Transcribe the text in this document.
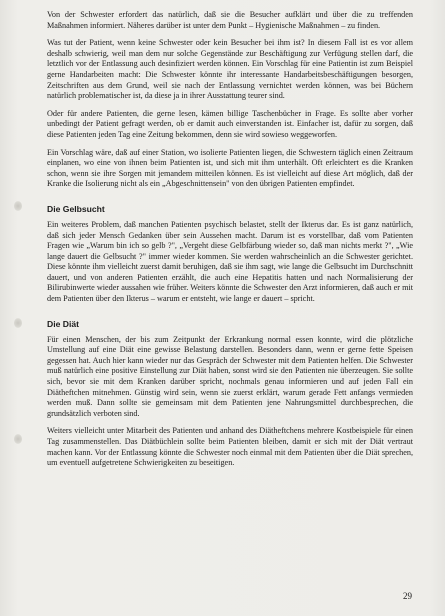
Von der Schwester erfordert das natürlich, daß sie die Besucher aufklärt und über die zu treffenden Maßnahmen informiert. Näheres darüber ist unter dem Punkt – Hygienische Maßnahmen – zu finden.

Was tut der Patient, wenn keine Schwester oder kein Besucher bei ihm ist? In diesem Fall ist es vor allem deshalb schwierig, weil man dem nur solche Gegenstände zur Beschäftigung zur Verfügung stellen darf, die letztlich vor der Entlassung auch desinfiziert werden können. Ein Vorschlag für eine Patientin ist zum Beispiel gerne Handarbeiten macht: Die Schwester könnte ihr interessante Handarbeitsbeschäftigungen besorgen, Zeitschriften aus dem Grund, weil sie nach der Entlassung vernichtet werden können, was bei Büchern natürlich problematischer ist, da diese ja in ihrer Ausstattung teurer sind.

Oder für andere Patienten, die gerne lesen, kämen billige Taschenbücher in Frage. Es sollte aber vorher unbedingt der Patient gefragt werden, ob er damit auch einverstanden ist. Einfacher ist, dafür zu sorgen, daß diese Patienten jeden Tag eine Zeitung bekommen, denn sie wird sowieso weggeworfen.

Ein Vorschlag wäre, daß auf einer Station, wo isolierte Patienten liegen, die Schwestern täglich einen Zeitraum einplanen, wo eine von ihnen beim Patienten ist, und sich mit ihm unterhält. Oft erleichtert es die Kranken schon, wenn sie ihre Sorgen mit jemandem mitteilen können. Es ist vielleicht auf diese Art möglich, daß der Kranke die Isolierung nicht als ein „Abgeschnittensein" von den übrigen Patienten empfindet.

Die Gelbsucht

Ein weiteres Problem, daß manchen Patienten psychisch belastet, stellt der Ikterus dar. Es ist ganz natürlich, daß sich jeder Mensch Gedanken über sein Aussehen macht. Darum ist es vorstellbar, daß vom Patienten Fragen wie „Warum bin ich so gelb ?", „Vergeht diese Gelbfärbung wieder so, daß man nichts merkt ?", „Wie lange dauert die Gelbsucht ?" immer wieder kommen. Sie werden wahrscheinlich an die Schwester gerichtet. Diese könnte ihm vielleicht zuerst damit beruhigen, daß sie ihm sagt, wie lange die Gelbsucht im Durchschnitt dauert, und von anderen Patienten erzählt, die auch eine Hepatitis hatten und nach Normalisierung der Bilirubinwerte wieder aussahen wie früher. Weiters könnte die Schwester den Arzt informieren, daß auch er mit dem Patienten über den Ikterus – warum er entsteht, wie lange er dauert – spricht.

Die Diät

Für einen Menschen, der bis zum Zeitpunkt der Erkrankung normal essen konnte, wird die plötzliche Umstellung auf eine Diät eine gewisse Belastung darstellen. Besonders dann, wenn er gerne fette Speisen gegessen hat. Auch hier kann wieder nur das Gespräch der Schwester mit dem Patienten helfen. Die Schwester muß natürlich eine positive Einstellung zur Diät haben, sonst wird sie den Patienten nie überzeugen. Sie sollte sich, bevor sie mit dem Kranken darüber spricht, nochmals genau informieren und auf jeden Fall ein Diätheftchen mitnehmen. Günstig wird sein, wenn sie zuerst erklärt, warum gerade Fett anfangs vermieden werden muß. Dann sollte sie gemeinsam mit dem Patienten jene Nahrungsmittel durchbesprechen, die grundsätzlich verboten sind.

Weiters vielleicht unter Mitarbeit des Patienten und anhand des Diätheftchens mehrere Kostbeispiele für einen Tag zusammenstellen. Das Diätbüchlein sollte beim Patienten bleiben, damit er sich mit der Diät vertraut machen kann. Vor der Entlassung könnte die Schwester noch einmal mit dem Patienten über die Diät sprechen, um eventuell aufgetretene Schwierigkeiten zu beseitigen.

29
